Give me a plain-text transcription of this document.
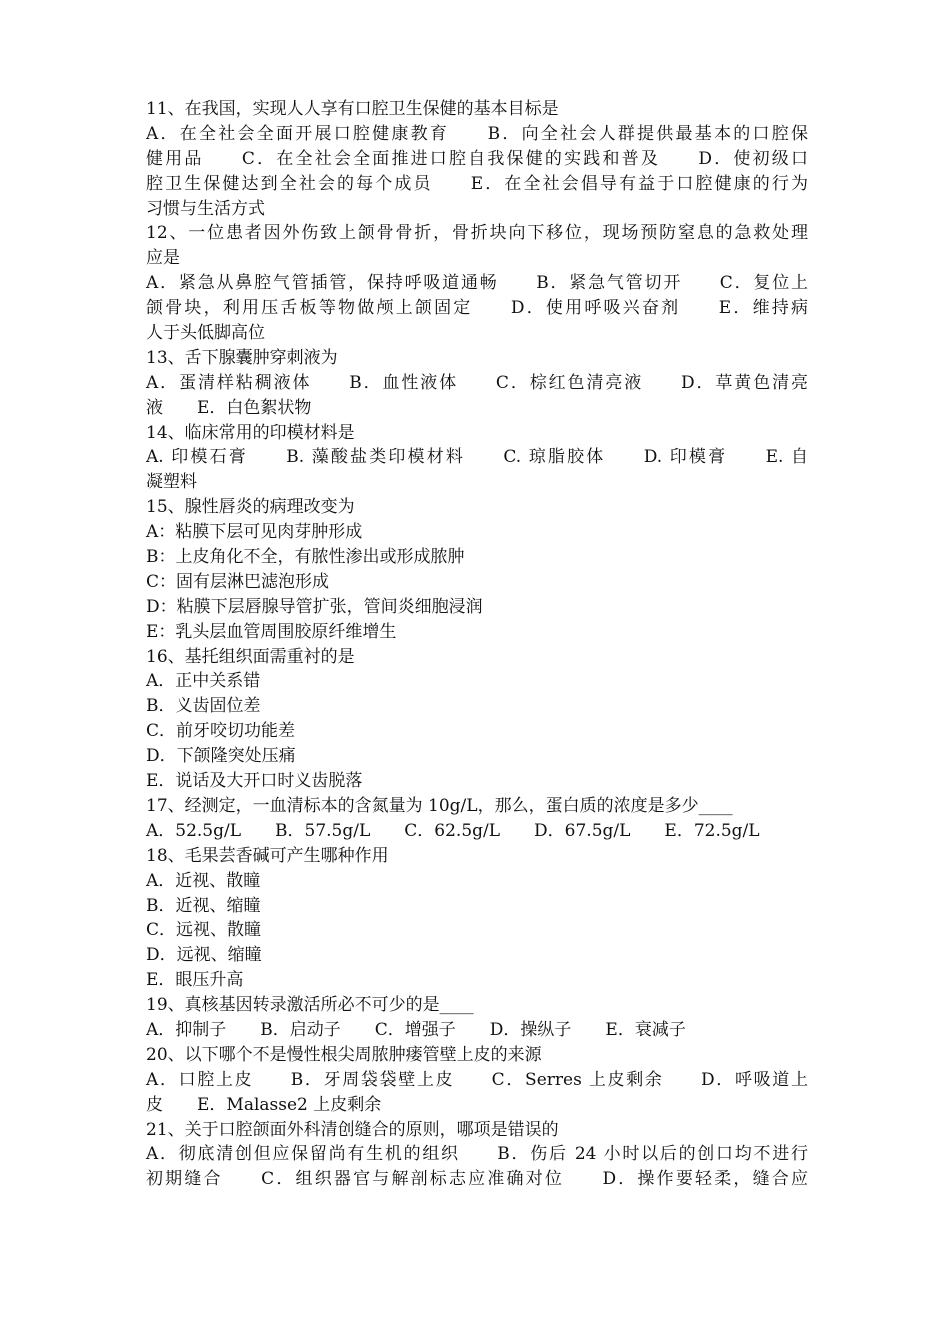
11、在我国，实现人人享有口腔卫生保健的基本目标是
A．在全社会全面开展口腔健康教育　　B．向全社会人群提供最基本的口腔保
健用品　　C．在全社会全面推进口腔自我保健的实践和普及　　D．使初级口
腔卫生保健达到全社会的每个成员　　E．在全社会倡导有益于口腔健康的行为
习惯与生活方式
12、一位患者因外伤致上颌骨骨折，骨折块向下移位，现场预防窒息的急救处理
应是
A．紧急从鼻腔气管插管，保持呼吸道通畅　　B．紧急气管切开　　C．复位上
颌骨块，利用压舌板等物做颅上颌固定　　D．使用呼吸兴奋剂　　E．维持病
人于头低脚高位
13、舌下腺囊肿穿刺液为
A．蛋清样粘稠液体　　B．血性液体　　C．棕红色清亮液　　D．草黄色清亮
液　　E．白色絮状物
14、临床常用的印模材料是
A. 印模石膏　　B. 藻酸盐类印模材料　　C. 琼脂胶体　　D. 印模膏　　E. 自
凝塑料
15、腺性唇炎的病理改变为
A：粘膜下层可见肉芽肿形成
B：上皮角化不全，有脓性渗出或形成脓肿
C：固有层淋巴滤泡形成
D：粘膜下层唇腺导管扩张，管间炎细胞浸润
E：乳头层血管周围胶原纤维增生
16、基托组织面需重衬的是
A．正中关系错
B．义齿固位差
C．前牙咬切功能差
D．下颌隆突处压痛
E．说话及大开口时义齿脱落
17、经测定，一血清标本的含氮量为 10g/L，那么，蛋白质的浓度是多少____
A．52.5g/L　　B．57.5g/L　　C．62.5g/L　　D．67.5g/L　　E．72.5g/L
18、毛果芸香碱可产生哪种作用
A．近视、散瞳
B．近视、缩瞳
C．远视、散瞳
D．远视、缩瞳
E．眼压升高
19、真核基因转录激活所必不可少的是____
A．抑制子　　B．启动子　　C．增强子　　D．操纵子　　E．衰减子
20、以下哪个不是慢性根尖周脓肿瘘管壁上皮的来源
A．口腔上皮　　B．牙周袋袋壁上皮　　C．Serres 上皮剩余　　D．呼吸道上
皮　　E．Malasse2 上皮剩余
21、关于口腔颌面外科清创缝合的原则，哪项是错误的
A．彻底清创但应保留尚有生机的组织　　B．伤后 24 小时以后的创口均不进行
初期缝合　　C．组织器官与解剖标志应准确对位　　D．操作要轻柔，缝合应
